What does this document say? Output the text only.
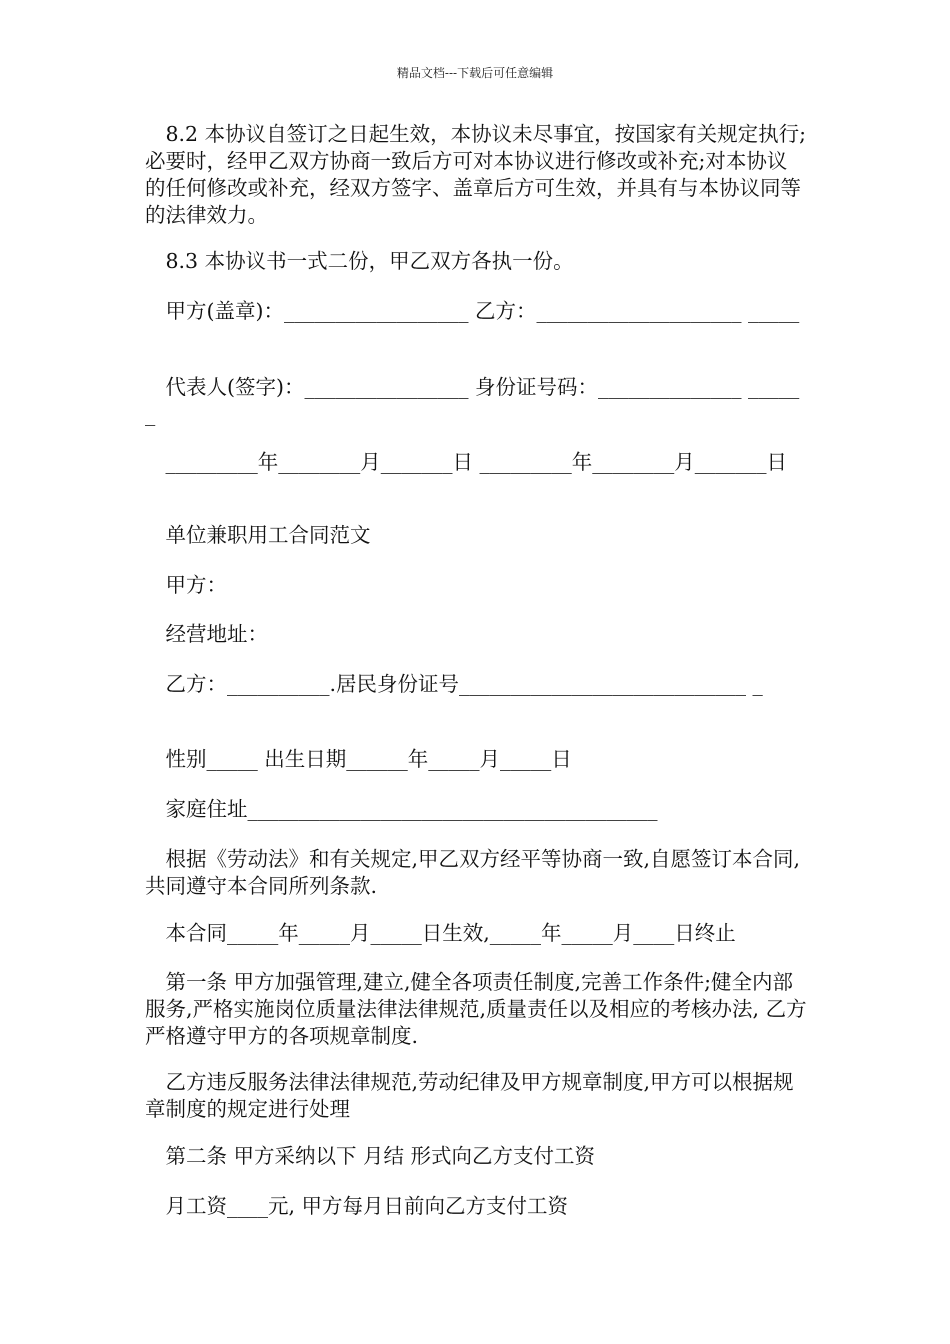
精品文档---下载后可任意编辑
　8.2 本协议自签订之日起生效，本协议未尽事宜，按国家有关规定执行;必要时，经甲乙双方协商一致后方可对本协议进行修改或补充;对本协议的任何修改或补充，经双方签字、盖章后方可生效，并具有与本协议同等的法律效力。
　8.3 本协议书一式二份，甲乙双方各执一份。
　甲方(盖章)：__________________ 乙方：____________________ _____
　代表人(签字)：________________ 身份证号码：______________ ______
　_________年________月_______日 _________年________月_______日
　单位兼职用工合同范文
　甲方：
　经营地址：
　乙方：__________.居民身份证号____________________________ _
　性别_____ 出生日期______年_____月_____日
　家庭住址________________________________________
　根据《劳动法》和有关规定,甲乙双方经平等协商一致,自愿签订本合同,共同遵守本合同所列条款.
　本合同_____年_____月_____日生效,_____年_____月____日终止
　第一条 甲方加强管理,建立,健全各项责任制度,完善工作条件;健全内部服务,严格实施岗位质量法律法律规范,质量责任以及相应的考核办法, 乙方严格遵守甲方的各项规章制度.
　乙方违反服务法律法律规范,劳动纪律及甲方规章制度,甲方可以根据规章制度的规定进行处理
　第二条 甲方采纳以下 月结 形式向乙方支付工资
　月工资____元, 甲方每月日前向乙方支付工资
